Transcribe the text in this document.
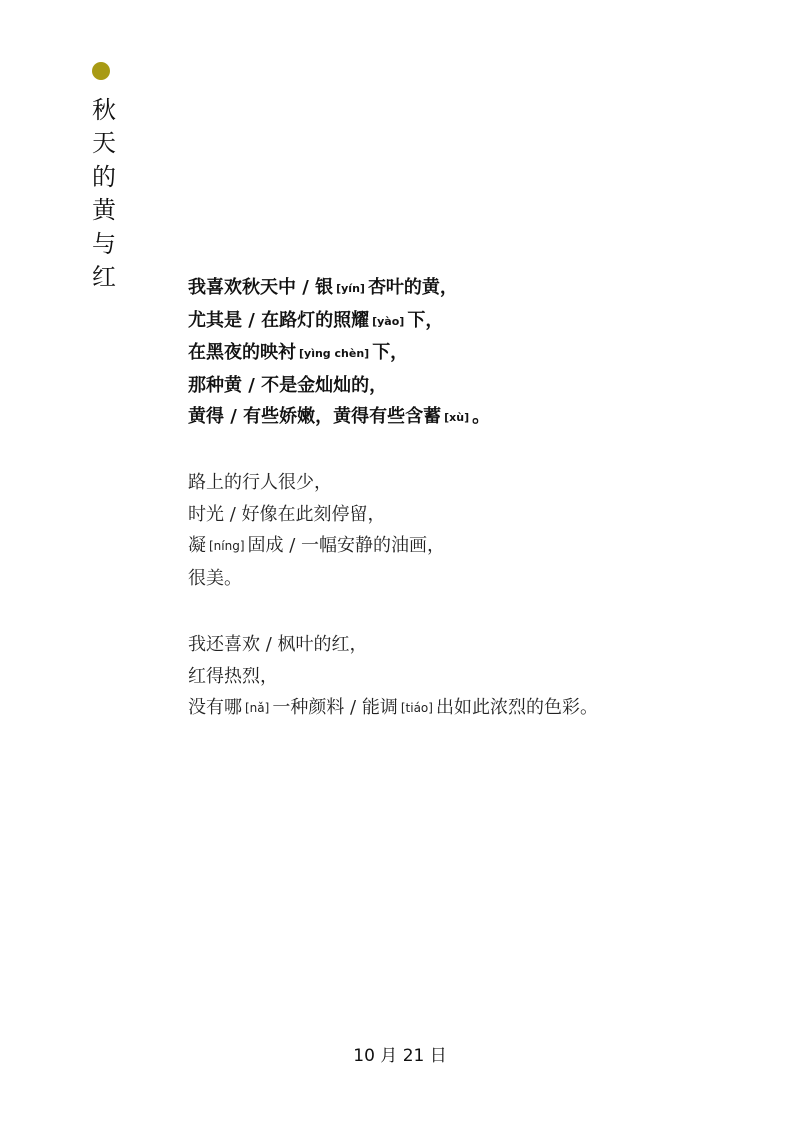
秋
天
的
黄
与
红	我喜欢秋天中 / 银 [yín] 杏叶的黄，
尤其是 / 在路灯的照耀 [yào] 下，
在黑夜的映衬 [yìng chèn] 下，
那种黄 / 不是金灿灿的，
黄得 / 有些娇嫩，黄得有些含蓄 [xù] 。
路上的行人很少，
时光 / 好像在此刻停留，
凝 [níng] 固成 / 一幅安静的油画，
很美。
我还喜欢 / 枫叶的红，
红得热烈，
没有哪 [nǎ] 一种颜料 / 能调 [tiáo] 出如此浓烈的色彩。
10 月 21 日
